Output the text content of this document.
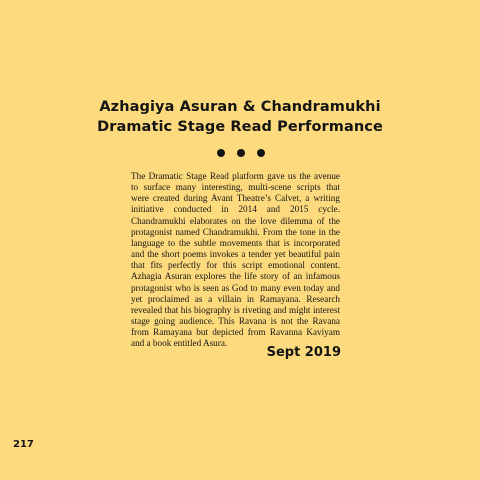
Azhagiya Asuran & Chandramukhi
Dramatic Stage Read Performance

The Dramatic Stage Read platform gave us the avenue to surface many interesting, multi-scene scripts that were created during Avant Theatre’s Calvet, a writing initiative conducted in 2014 and 2015 cycle. Chandramukhi elaborates on the love dilemma of the protagonist named Chandramukhi. From the tone in the language to the subtle movements that is incorporated and the short poems invokes a tender yet beautiful pain that fits perfectly for this script emotional content. Azhagia Asuran explores the life story of an infamous protagonist who is seen as God to many even today and yet proclaimed as a villain in Ramayana. Research revealed that his biography is riveting and might interest stage going audience. This Ravana is not the Ravana from Ramayana but depicted from Ravanna Kaviyam and a book entitled Asura.

Sept 2019
217
